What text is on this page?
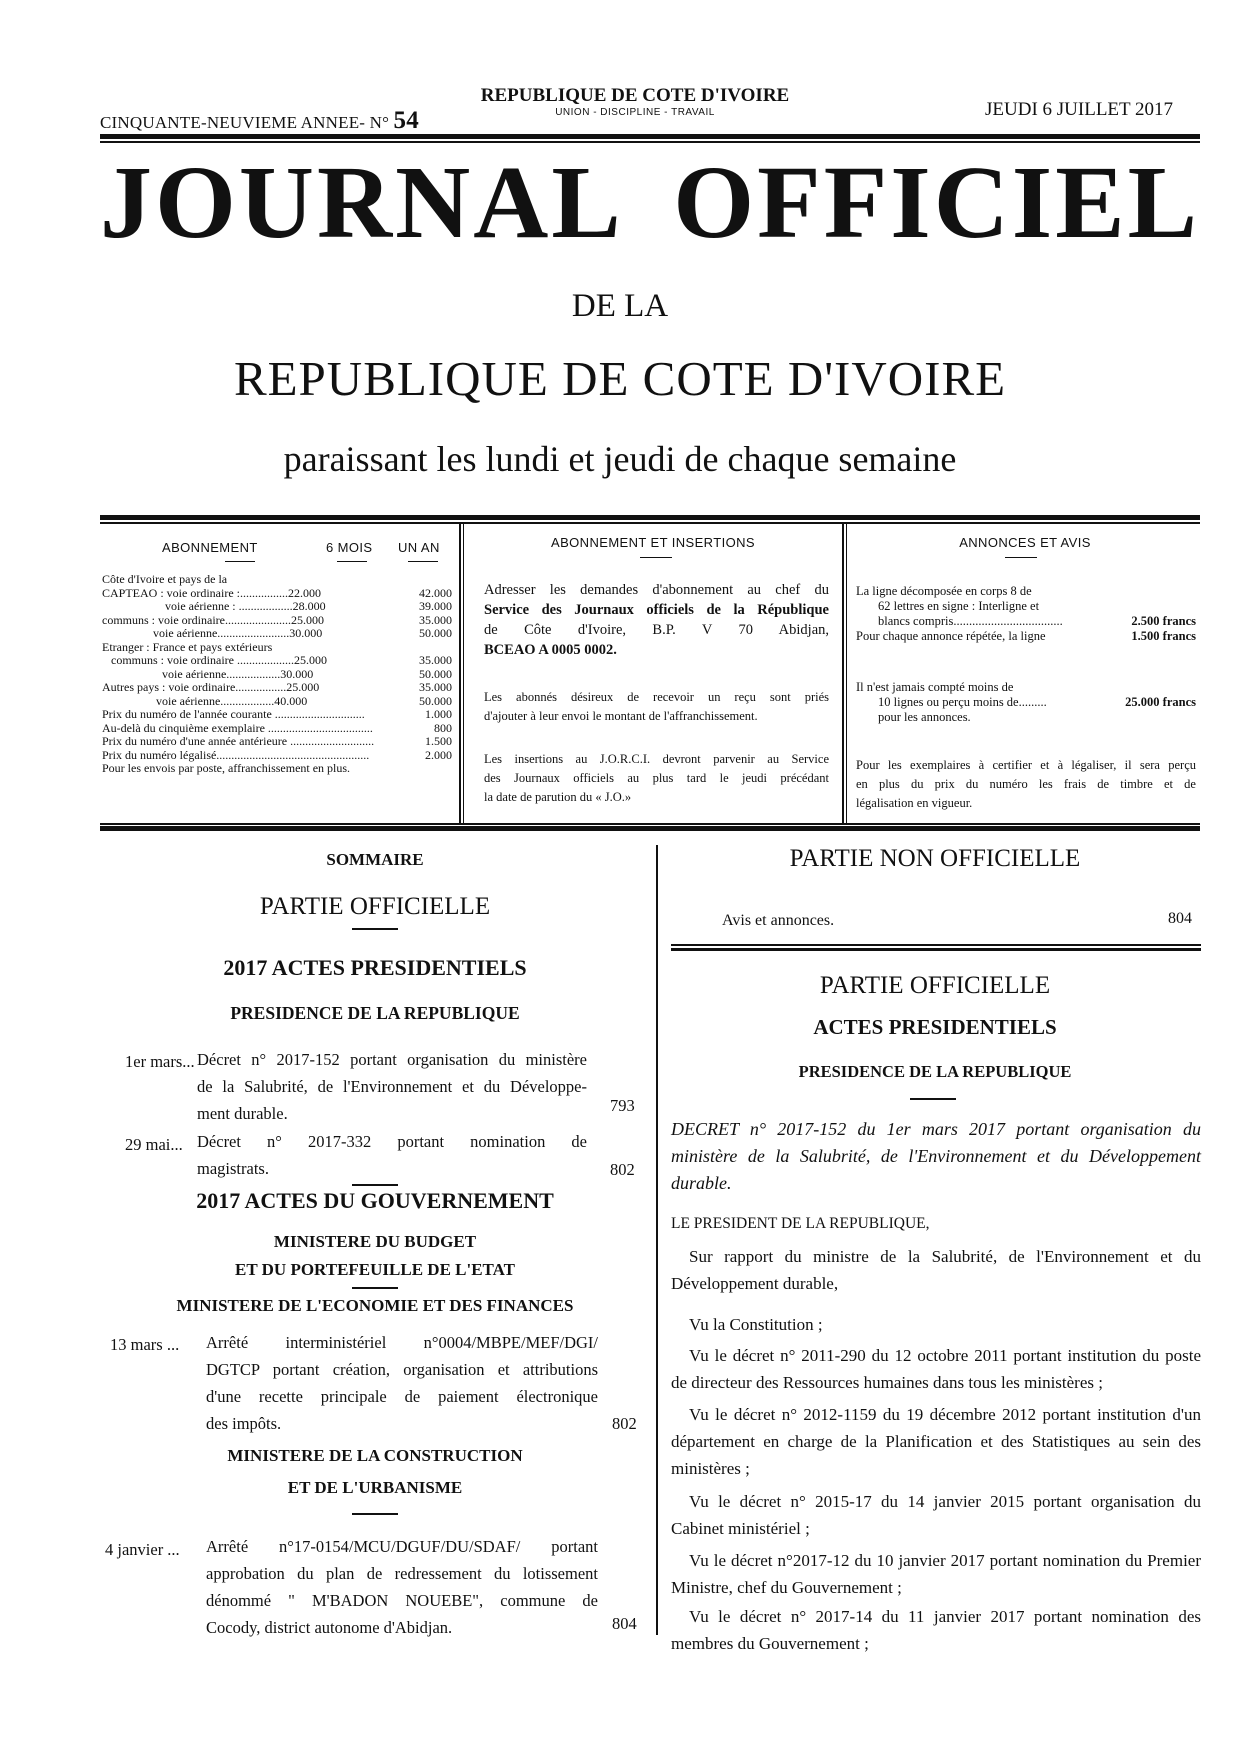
CINQUANTE-NEUVIEME ANNEE- N° 54
REPUBLIQUE DE COTE D'IVOIRE
UNION - DISCIPLINE - TRAVAIL	JEUDI 6 JUILLET 2017
JOURNAL OFFICIEL
DE LA
REPUBLIQUE DE COTE D'IVOIRE
paraissant les lundi et jeudi de chaque semaine
ABONNEMENT	6 MOIS UN AN
Côte d'Ivoire et pays de la
CAPTEAO : voie ordinaire :................22.000	42.000
voie aérienne : ..................28.000	39.000
communs : voie ordinaire......................25.000	35.000
voie aérienne........................30.000	50.000
Etranger : France et pays extérieurs
communs : voie ordinaire ...................25.000	35.000
voie aérienne..................30.000	50.000
Autres pays : voie ordinaire.................25.000	35.000
voie aérienne..................40.000	50.000
Prix du numéro de l'année courante ..............................	1.000
Au-delà du cinquième exemplaire ...................................	800
Prix du numéro d'une année antérieure ............................	1.500
Prix du numéro légalisé...................................................	2.000
Pour les envois par poste, affranchissement en plus.
ABONNEMENT ET INSERTIONS
Adresser les demandes d'abonnement au chef du
Service des Journaux officiels de la République
de Côte d'Ivoire, B.P. V 70 Abidjan,
BCEAO A 0005 0002.
Les abonnés désireux de recevoir un reçu sont priés
d'ajouter à leur envoi le montant de l'affranchissement.
Les insertions au J.O.R.C.I. devront parvenir au Service
des Journaux officiels au plus tard le jeudi précédant
la date de parution du « J.O.»
ANNONCES ET AVIS
La ligne décomposée en corps 8 de
62 lettres en signe : Interligne et
blancs compris...................................	2.500 francs
Pour chaque annonce répétée, la ligne	1.500 francs
Il n'est jamais compté moins de
10 lignes ou perçu moins de.........	25.000 francs
pour les annonces.
Pour les exemplaires à certifier et à légaliser, il sera perçu
en plus du prix du numéro les frais de timbre et de
légalisation en vigueur.
SOMMAIRE
PARTIE OFFICIELLE
2017 ACTES PRESIDENTIELS
PRESIDENCE DE LA REPUBLIQUE
1er mars... Décret n° 2017-152 portant organisation du ministère
de la Salubrité, de l'Environnement et du Développe-
ment durable.	793
29 mai... Décret n° 2017-332 portant nomination de
magistrats.	802
2017 ACTES DU GOUVERNEMENT
MINISTERE DU BUDGET
ET DU PORTEFEUILLE DE L'ETAT
MINISTERE DE L'ECONOMIE ET DES FINANCES
13 mars ... Arrêté interministériel n°0004/MBPE/MEF/DGI/
DGTCP portant création, organisation et attributions
d'une recette principale de paiement électronique
des impôts.	802
MINISTERE DE LA CONSTRUCTION
ET DE L'URBANISME
4 janvier ... Arrêté n°17-0154/MCU/DGUF/DU/SDAF/ portant
approbation du plan de redressement du lotissement
dénommé " M'BADON NOUEBE", commune de
Cocody, district autonome d'Abidjan.	804
PARTIE NON OFFICIELLE
Avis et annonces.	804
PARTIE OFFICIELLE
ACTES PRESIDENTIELS
PRESIDENCE DE LA REPUBLIQUE
DECRET n° 2017-152 du 1er mars 2017 portant organisation du ministère de la Salubrité, de l'Environnement et du Développement durable.
LE PRESIDENT DE LA REPUBLIQUE,
Sur rapport du ministre de la Salubrité, de l'Environnement et du Développement durable,
Vu la Constitution ;
Vu le décret n° 2011-290 du 12 octobre 2011 portant institution du poste de directeur des Ressources humaines dans tous les ministères ;
Vu le décret n° 2012-1159 du 19 décembre 2012 portant institution d'un département en charge de la Planification et des Statistiques au sein des ministères ;
Vu le décret n° 2015-17 du 14 janvier 2015 portant organisation du Cabinet ministériel ;
Vu le décret n°2017-12 du 10 janvier 2017 portant nomination du Premier Ministre, chef du Gouvernement ;
Vu le décret n° 2017-14 du 11 janvier 2017 portant nomination des membres du Gouvernement ;
